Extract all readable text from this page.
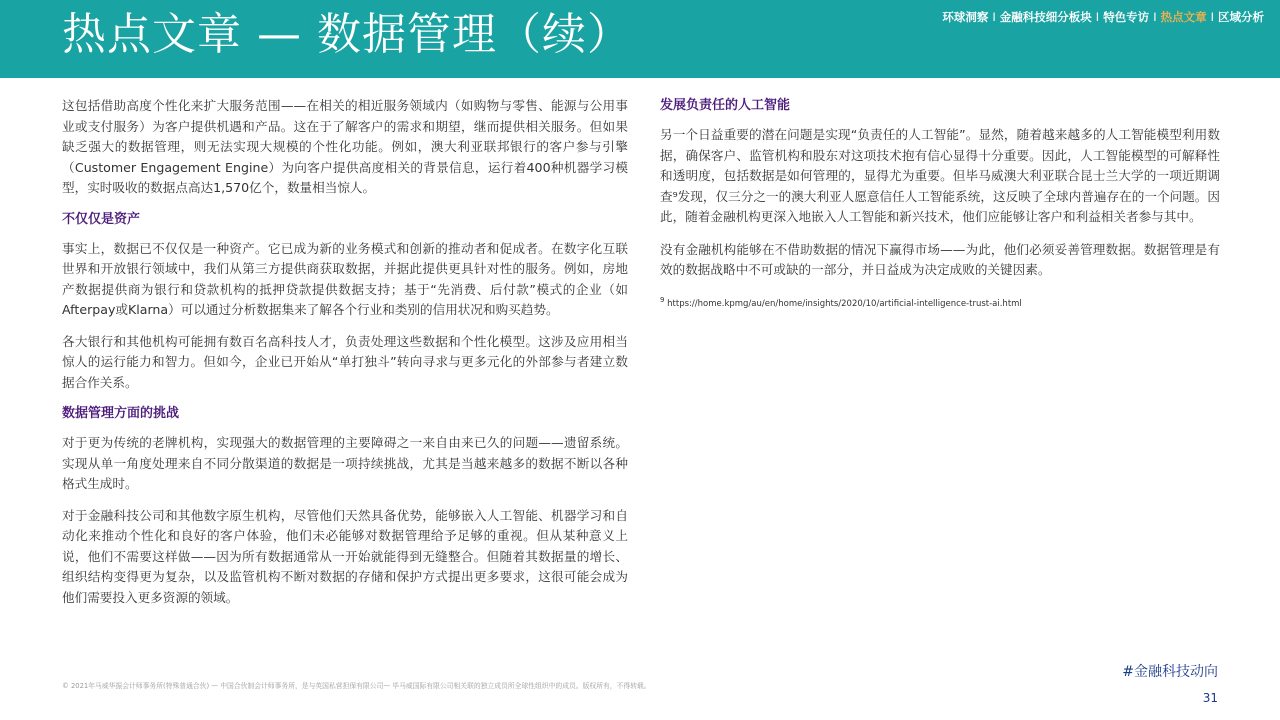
热点文章 — 数据管理（续）	环球洞察 I 金融科技细分板块 I 特色专访 I 热点文章 I 区域分析

这包括借助高度个性化来扩大服务范围——在相关的相近服务领域内（如购物与零售、能源与公用事业或支付服务）为客户提供机遇和产品。这在于了解客户的需求和期望，继而提供相关服务。但如果缺乏强大的数据管理，则无法实现大规模的个性化功能。例如，澳大利亚联邦银行的客户参与引擎（Customer Engagement Engine）为向客户提供高度相关的背景信息，运行着400种机器学习模型，实时吸收的数据点高达1,570亿个，数量相当惊人。

不仅仅是资产

事实上，数据已不仅仅是一种资产。它已成为新的业务模式和创新的推动者和促成者。在数字化互联世界和开放银行领域中，我们从第三方提供商获取数据，并据此提供更具针对性的服务。例如，房地产数据提供商为银行和贷款机构的抵押贷款提供数据支持；基于“先消费、后付款”模式的企业（如Afterpay或Klarna）可以通过分析数据集来了解各个行业和类别的信用状况和购买趋势。

各大银行和其他机构可能拥有数百名高科技人才，负责处理这些数据和个性化模型。这涉及应用相当惊人的运行能力和智力。但如今，企业已开始从“单打独斗”转向寻求与更多元化的外部参与者建立数据合作关系。

数据管理方面的挑战

对于更为传统的老牌机构，实现强大的数据管理的主要障碍之一来自由来已久的问题——遗留系统。实现从单一角度处理来自不同分散渠道的数据是一项持续挑战，尤其是当越来越多的数据不断以各种格式生成时。

对于金融科技公司和其他数字原生机构，尽管他们天然具备优势，能够嵌入人工智能、机器学习和自动化来推动个性化和良好的客户体验，他们未必能够对数据管理给予足够的重视。但从某种意义上说，他们不需要这样做——因为所有数据通常从一开始就能得到无缝整合。但随着其数据量的增长、组织结构变得更为复杂，以及监管机构不断对数据的存储和保护方式提出更多要求，这很可能会成为他们需要投入更多资源的领域。

发展负责任的人工智能

另一个日益重要的潜在问题是实现“负责任的人工智能”。显然，随着越来越多的人工智能模型利用数据，确保客户、监管机构和股东对这项技术抱有信心显得十分重要。因此，人工智能模型的可解释性和透明度，包括数据是如何管理的，显得尤为重要。但毕马威澳大利亚联合昆士兰大学的一项近期调查⁹发现，仅三分之一的澳大利亚人愿意信任人工智能系统，这反映了全球内普遍存在的一个问题。因此，随着金融机构更深入地嵌入人工智能和新兴技术，他们应能够让客户和利益相关者参与其中。

没有金融机构能够在不借助数据的情况下赢得市场——为此，他们必须妥善管理数据。数据管理是有效的数据战略中不可或缺的一部分，并日益成为决定成败的关键因素。

$^9$ https://home.kpmg/au/en/home/insights/2020/10/artificial-intelligence-trust-ai.html
© 2021年马威华振会计师事务所(特殊普通合伙) — 中国合伙制会计师事务所，是与英国私营担保有限公司— 毕马威国际有限公司相关联的独立成员所全球性组织中的成员。版权所有，不得转载。
#金融科技动向
31
